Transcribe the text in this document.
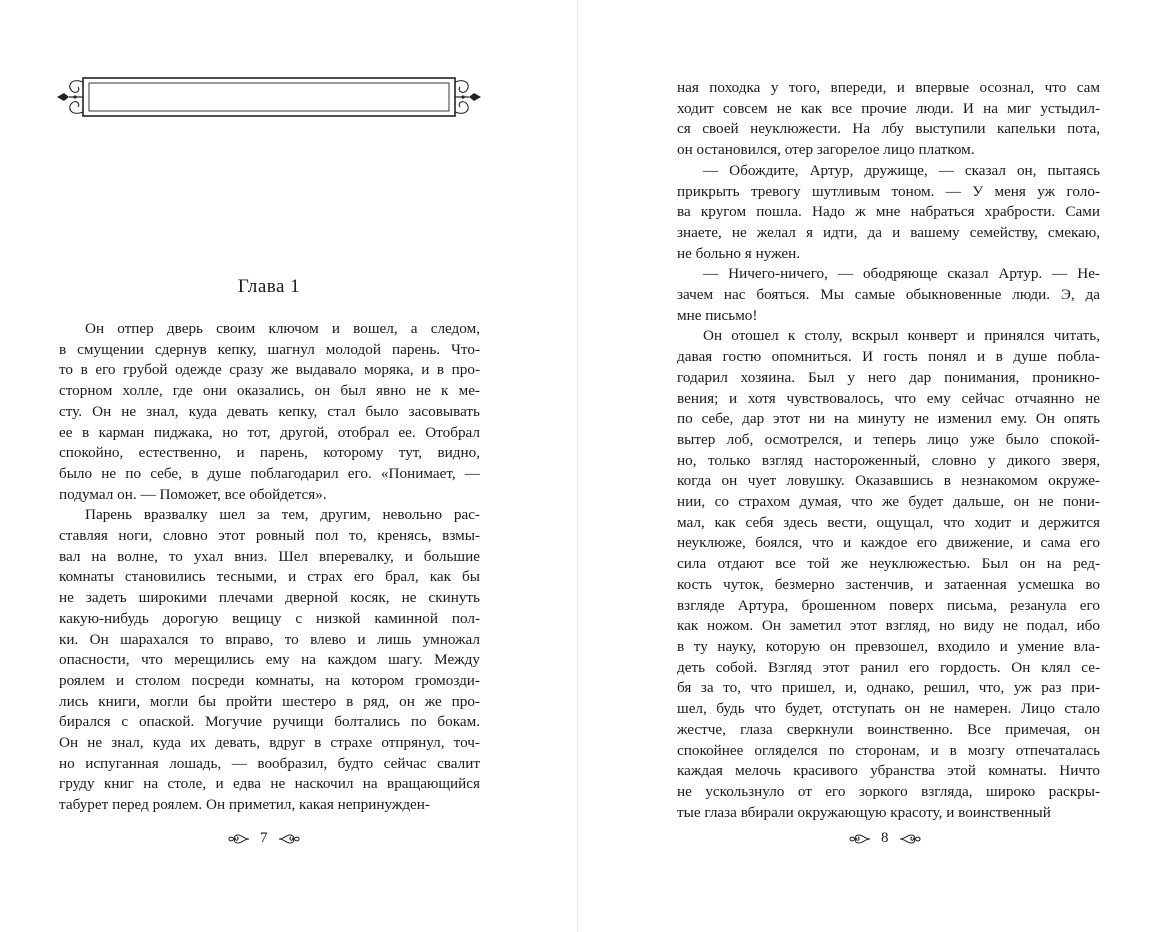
Глава 1

Он отпер дверь своим ключом и вошел, а следом,

в смущении сдернув кепку, шагнул молодой парень. Что-

то в его грубой одежде сразу же выдавало моряка, и в про-

сторном холле, где они оказались, он был явно не к ме-

сту. Он не знал, куда девать кепку, стал было засовывать

ее в карман пиджака, но тот, другой, отобрал ее. Отобрал

спокойно, естественно, и парень, которому тут, видно,

было не по себе, в душе поблагодарил его. «Понимает, —

подумал он. — Поможет, все обойдется».

Парень вразвалку шел за тем, другим, невольно рас-

ставляя ноги, словно этот ровный пол то, кренясь, взмы-

вал на волне, то ухал вниз. Шел вперевалку, и большие

комнаты становились тесными, и страх его брал, как бы

не задеть широкими плечами дверной косяк, не скинуть

какую-нибудь дорогую вещицу с низкой каминной пол-

ки. Он шарахался то вправо, то влево и лишь умножал

опасности, что мерещились ему на каждом шагу. Между

роялем и столом посреди комнаты, на котором громозди-

лись книги, могли бы пройти шестеро в ряд, он же про-

бирался с опаской. Могучие ручищи болтались по бокам.

Он не знал, куда их девать, вдруг в страхе отпрянул, точ-

но испуганная лошадь, — вообразил, будто сейчас свалит

груду книг на столе, и едва не наскочил на вращающийся

табурет перед роялем. Он приметил, какая непринужден-

7

ная походка у того, впереди, и впервые осознал, что сам

ходит совсем не как все прочие люди. И на миг устыдил-

ся своей неуклюжести. На лбу выступили капельки пота,

он остановился, отер загорелое лицо платком.

— Обождите, Артур, дружище, — сказал он, пытаясь

прикрыть тревогу шутливым тоном. — У меня уж голо-

ва кругом пошла. Надо ж мне набраться храбрости. Сами

знаете, не желал я идти, да и вашему семейству, смекаю,

не больно я нужен.

— Ничего-ничего, — ободряюще сказал Артур. — Не-

зачем нас бояться. Мы самые обыкновенные люди. Э, да

мне письмо!

Он отошел к столу, вскрыл конверт и принялся читать,

давая гостю опомниться. И гость понял и в душе побла-

годарил хозяина. Был у него дар понимания, проникно-

вения; и хотя чувствовалось, что ему сейчас отчаянно не

по себе, дар этот ни на минуту не изменил ему. Он опять

вытер лоб, осмотрелся, и теперь лицо уже было спокой-

но, только взгляд настороженный, словно у дикого зверя,

когда он чует ловушку. Оказавшись в незнакомом окруже-

нии, со страхом думая, что же будет дальше, он не пони-

мал, как себя здесь вести, ощущал, что ходит и держится

неуклюже, боялся, что и каждое его движение, и сама его

сила отдают все той же неуклюжестью. Был он на ред-

кость чуток, безмерно застенчив, и затаенная усмешка во

взгляде Артура, брошенном поверх письма, резанула его

как ножом. Он заметил этот взгляд, но виду не подал, ибо

в ту науку, которую он превзошел, входило и умение вла-

деть собой. Взгляд этот ранил его гордость. Он клял се-

бя за то, что пришел, и, однако, решил, что, уж раз при-

шел, будь что будет, отступать он не намерен. Лицо стало

жестче, глаза сверкнули воинственно. Все примечая, он

спокойнее огляделся по сторонам, и в мозгу отпечаталась

каждая мелочь красивого убранства этой комнаты. Ничто

не ускользнуло от его зоркого взгляда, широко раскры-

тые глаза вбирали окружающую красоту, и воинственный

8
